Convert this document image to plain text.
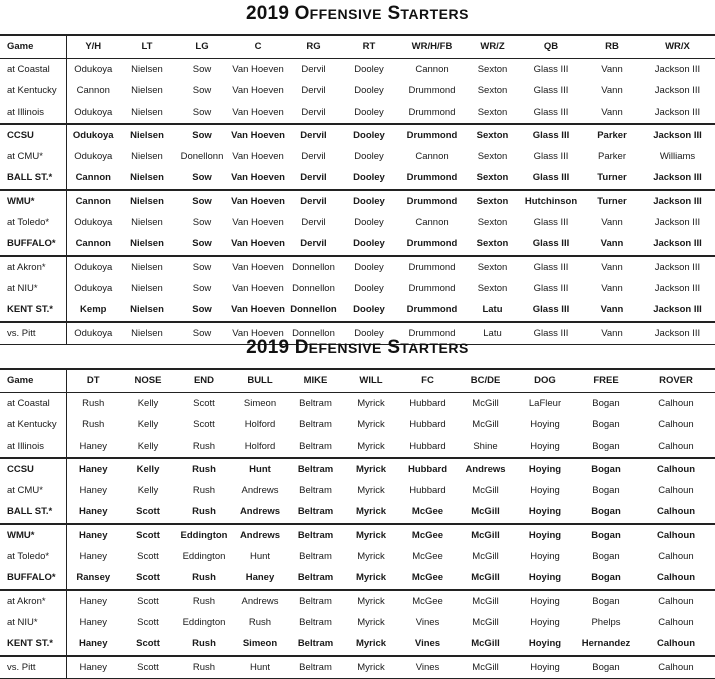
2019 OFFENSIVE STARTERS
Game	Y/H	LT	LG	C	RG	RT	WR/H/FB	WR/Z	QB	RB	WR/X
at Coastal	Odukoya	Nielsen	Sow	Van Hoeven	Dervil	Dooley	Cannon	Sexton	Glass III	Vann	Jackson III
at Kentucky	Cannon	Nielsen	Sow	Van Hoeven	Dervil	Dooley	Drummond	Sexton	Glass III	Vann	Jackson III
at Illinois	Odukoya	Nielsen	Sow	Van Hoeven	Dervil	Dooley	Drummond	Sexton	Glass III	Vann	Jackson III
CCSU	Odukoya	Nielsen	Sow	Van Hoeven	Dervil	Dooley	Drummond	Sexton	Glass III	Parker	Jackson III
at CMU*	Odukoya	Nielsen	Donellonn	Van Hoeven	Dervil	Dooley	Cannon	Sexton	Glass III	Parker	Williams
BALL ST.*	Cannon	Nielsen	Sow	Van Hoeven	Dervil	Dooley	Drummond	Sexton	Glass III	Turner	Jackson III
WMU*	Cannon	Nielsen	Sow	Van Hoeven	Dervil	Dooley	Drummond	Sexton	Hutchinson	Turner	Jackson III
at Toledo*	Odukoya	Nielsen	Sow	Van Hoeven	Dervil	Dooley	Cannon	Sexton	Glass III	Vann	Jackson III
BUFFALO*	Cannon	Nielsen	Sow	Van Hoeven	Dervil	Dooley	Drummond	Sexton	Glass III	Vann	Jackson III
at Akron*	Odukoya	Nielsen	Sow	Van Hoeven	Donnellon	Dooley	Drummond	Sexton	Glass III	Vann	Jackson III
at NIU*	Odukoya	Nielsen	Sow	Van Hoeven	Donnellon	Dooley	Drummond	Sexton	Glass III	Vann	Jackson III
KENT ST.*	Kemp	Nielsen	Sow	Van Hoeven	Donnellon	Dooley	Drummond	Latu	Glass III	Vann	Jackson III
vs. Pitt	Odukoya	Nielsen	Sow	Van Hoeven	Donnellon	Dooley	Drummond	Latu	Glass III	Vann	Jackson III
2019 DEFENSIVE STARTERS
Game	DT	NOSE	END	BULL	MIKE	WILL	FC	BC/DE	DOG	FREE	ROVER
at Coastal	Rush	Kelly	Scott	Simeon	Beltram	Myrick	Hubbard	McGill	LaFleur	Bogan	Calhoun
at Kentucky	Rush	Kelly	Scott	Holford	Beltram	Myrick	Hubbard	McGill	Hoying	Bogan	Calhoun
at Illinois	Haney	Kelly	Rush	Holford	Beltram	Myrick	Hubbard	Shine	Hoying	Bogan	Calhoun
CCSU	Haney	Kelly	Rush	Hunt	Beltram	Myrick	Hubbard	Andrews	Hoying	Bogan	Calhoun
at CMU*	Haney	Kelly	Rush	Andrews	Beltram	Myrick	Hubbard	McGill	Hoying	Bogan	Calhoun
BALL ST.*	Haney	Scott	Rush	Andrews	Beltram	Myrick	McGee	McGill	Hoying	Bogan	Calhoun
WMU*	Haney	Scott	Eddington	Andrews	Beltram	Myrick	McGee	McGill	Hoying	Bogan	Calhoun
at Toledo*	Haney	Scott	Eddington	Hunt	Beltram	Myrick	McGee	McGill	Hoying	Bogan	Calhoun
BUFFALO*	Ransey	Scott	Rush	Haney	Beltram	Myrick	McGee	McGill	Hoying	Bogan	Calhoun
at Akron*	Haney	Scott	Rush	Andrews	Beltram	Myrick	McGee	McGill	Hoying	Bogan	Calhoun
at NIU*	Haney	Scott	Eddington	Rush	Beltram	Myrick	Vines	McGill	Hoying	Phelps	Calhoun
KENT ST.*	Haney	Scott	Rush	Simeon	Beltram	Myrick	Vines	McGill	Hoying	Hernandez	Calhoun
vs. Pitt	Haney	Scott	Rush	Hunt	Beltram	Myrick	Vines	McGill	Hoying	Bogan	Calhoun
